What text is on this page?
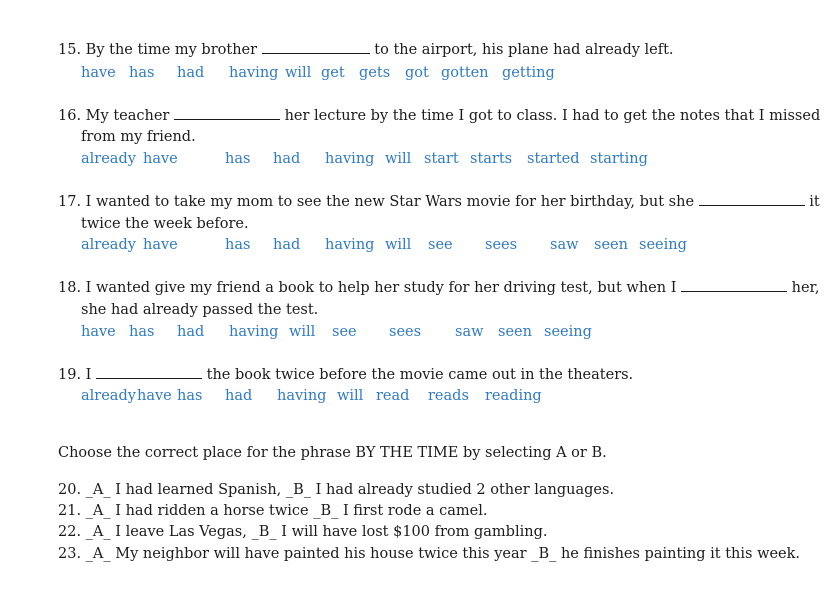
15. By the time my brother	to the airport, his plane had already left.
have has had having will get gets got gotten getting
16. My teacher	her lecture by the time I got to class. I had to get the notes that I missed
from my friend.
already have	has had having will start starts started starting
17. I wanted to take my mom to see the new Star Wars movie for her birthday, but she	it
twice the week before.
already have	has had having will see sees saw seen seeing
18. I wanted give my friend a book to help her study for her driving test, but when I	her,
she had already passed the test.
have has had having will see sees saw seen seeing
19. I	the book twice before the movie came out in the theaters.
already have has had having will read reads reading
Choose the correct place for the phrase BY THE TIME by selecting A or B.
20. _A_ I had learned Spanish, _B_ I had already studied 2 other languages.
21. _A_ I had ridden a horse twice _B_ I first rode a camel.
22. _A_ I leave Las Vegas, _B_ I will have lost $100 from gambling.
23. _A_ My neighbor will have painted his house twice this year _B_ he finishes painting it this week.
